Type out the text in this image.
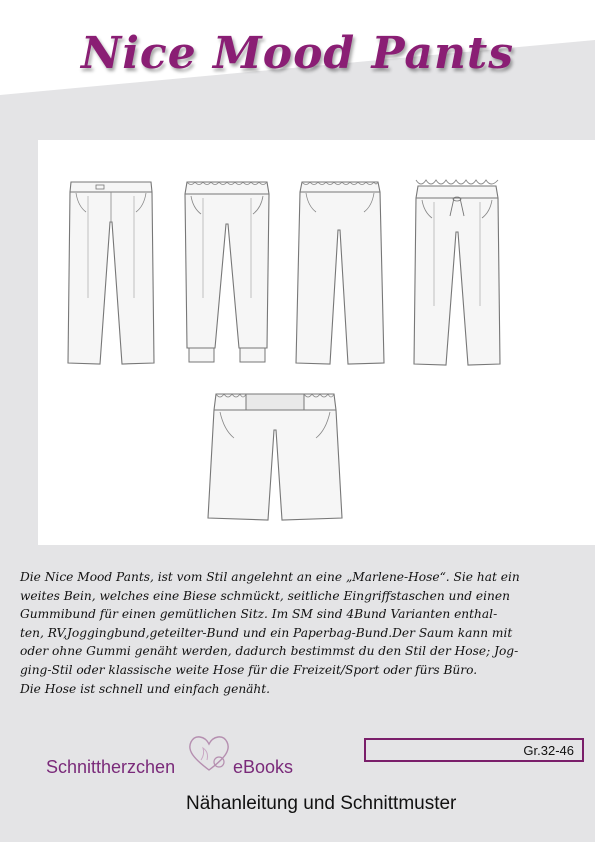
Nice Mood Pants

Die Nice Mood Pants, ist vom Stil angelehnt an eine „Marlene-Hose“. Sie hat ein

weites Bein, welches eine Biese schmückt, seitliche Eingriffstaschen und einen

Gummibund für einen gemütlichen Sitz. Im SM sind 4Bund Varianten enthal-

ten, RV,Joggingbund,geteilter-Bund und ein Paperbag-Bund.Der Saum kann mit

oder ohne Gummi genäht werden, dadurch bestimmst du den Stil der Hose; Jog-

ging-Stil oder klassische weite Hose für die Freizeit/Sport oder fürs Büro.

Die Hose ist schnell und einfach genäht.

Gr.32-46
Schnittherzchen	eBooks
Nähanleitung und Schnittmuster
